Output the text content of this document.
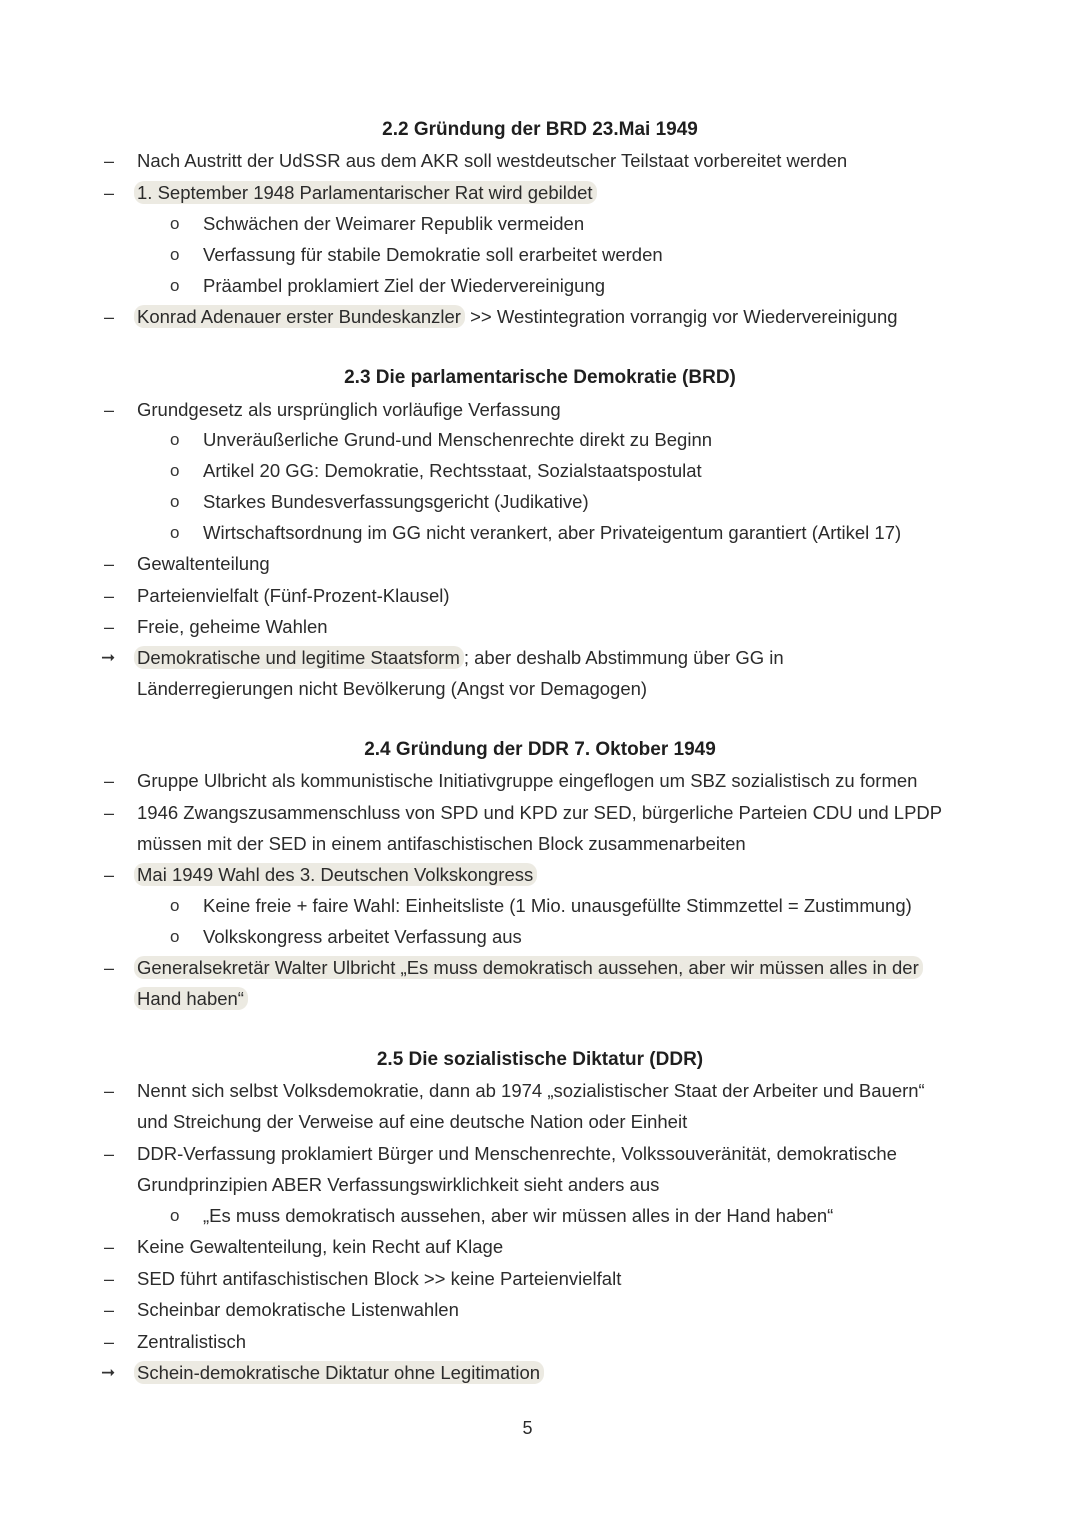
2.2 Gründung der BRD 23.Mai 1949
– Nach Austritt der UdSSR aus dem AKR soll westdeutscher Teilstaat vorbereitet werden
– 1. September 1948 Parlamentarischer Rat wird gebildet
o Schwächen der Weimarer Republik vermeiden
o Verfassung für stabile Demokratie soll erarbeitet werden
o Präambel proklamiert Ziel der Wiedervereinigung
– Konrad Adenauer erster Bundeskanzler >> Westintegration vorrangig vor Wiedervereinigung
2.3 Die parlamentarische Demokratie (BRD)
– Grundgesetz als ursprünglich vorläufige Verfassung
o Unveräußerliche Grund-und Menschenrechte direkt zu Beginn
o Artikel 20 GG: Demokratie, Rechtsstaat, Sozialstaatspostulat
o Starkes Bundesverfassungsgericht (Judikative)
o Wirtschaftsordnung im GG nicht verankert, aber Privateigentum garantiert (Artikel 17)
– Gewaltenteilung
– Parteienvielfalt (Fünf-Prozent-Klausel)
– Freie, geheime Wahlen
➞ Demokratische und legitime Staatsform ; aber deshalb Abstimmung über GG in
Länderregierungen nicht Bevölkerung (Angst vor Demagogen)
2.4 Gründung der DDR 7. Oktober 1949
– Gruppe Ulbricht als kommunistische Initiativgruppe eingeflogen um SBZ sozialistisch zu formen
– 1946 Zwangszusammenschluss von SPD und KPD zur SED, bürgerliche Parteien CDU und LPDP
müssen mit der SED in einem antifaschistischen Block zusammenarbeiten
– Mai 1949 Wahl des 3. Deutschen Volkskongress
o Keine freie + faire Wahl: Einheitsliste (1 Mio. unausgefüllte Stimmzettel = Zustimmung)
o Volkskongress arbeitet Verfassung aus
– Generalsekretär Walter Ulbricht „Es muss demokratisch aussehen, aber wir müssen alles in der
Hand haben“
2.5 Die sozialistische Diktatur (DDR)
– Nennt sich selbst Volksdemokratie, dann ab 1974 „sozialistischer Staat der Arbeiter und Bauern“
und Streichung der Verweise auf eine deutsche Nation oder Einheit
– DDR-Verfassung proklamiert Bürger und Menschenrechte, Volkssouveränität, demokratische
Grundprinzipien ABER Verfassungswirklichkeit sieht anders aus
o „Es muss demokratisch aussehen, aber wir müssen alles in der Hand haben“
– Keine Gewaltenteilung, kein Recht auf Klage
– SED führt antifaschistischen Block >> keine Parteienvielfalt
– Scheinbar demokratische Listenwahlen
– Zentralistisch
➞ Schein-demokratische Diktatur ohne Legitimation
5
